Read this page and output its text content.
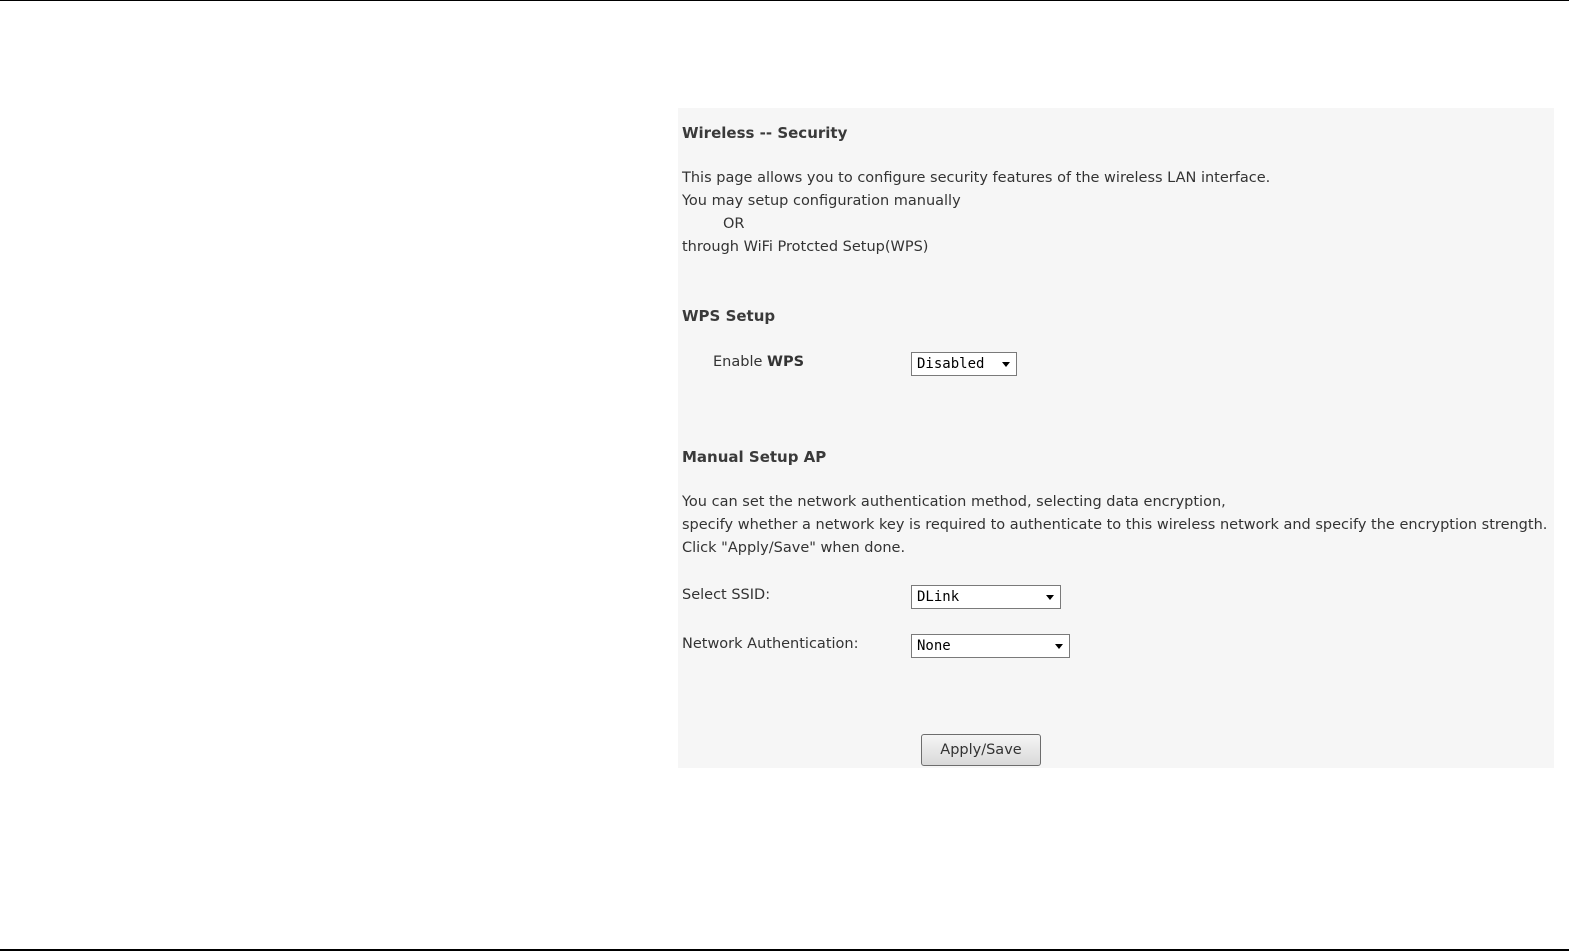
Wireless -- Security
This page allows you to configure security features of the wireless LAN interface.
You may setup configuration manually
OR
through WiFi Protcted Setup(WPS)
WPS Setup
Enable WPS	Disabled
Manual Setup AP
You can set the network authentication method, selecting data encryption,
specify whether a network key is required to authenticate to this wireless network and specify the encryption strength.
Click "Apply/Save" when done.
Select SSID:	DLink
Network Authentication:	None
Apply/Save
